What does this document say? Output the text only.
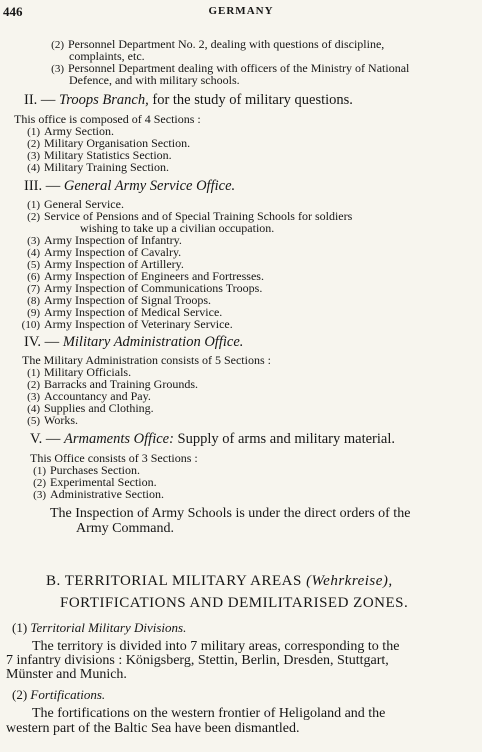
446	GERMANY
(2) Personnel Department No. 2, dealing with questions of discipline,
complaints, etc.
(3) Personnel Department dealing with officers of the Ministry of National
Defence, and with military schools.
II. — Troops Branch, for the study of military questions.
This office is composed of 4 Sections :
(1) Army Section.
(2) Military Organisation Section.
(3) Military Statistics Section.
(4) Military Training Section.
III. — General Army Service Office.
(1) General Service.
(2) Service of Pensions and of Special Training Schools for soldiers
wishing to take up a civilian occupation.
(3) Army Inspection of Infantry.
(4) Army Inspection of Cavalry.
(5) Army Inspection of Artillery.
(6) Army Inspection of Engineers and Fortresses.
(7) Army Inspection of Communications Troops.
(8) Army Inspection of Signal Troops.
(9) Army Inspection of Medical Service.
(10) Army Inspection of Veterinary Service.
IV. — Military Administration Office.
The Military Administration consists of 5 Sections :
(1) Military Officials.
(2) Barracks and Training Grounds.
(3) Accountancy and Pay.
(4) Supplies and Clothing.
(5) Works.
V. — Armaments Office: Supply of arms and military material.
This Office consists of 3 Sections :
(1) Purchases Section.
(2) Experimental Section.
(3) Administrative Section.
The Inspection of Army Schools is under the direct orders of the
Army Command.
B. TERRITORIAL MILITARY AREAS (Wehrkreise),
FORTIFICATIONS AND DEMILITARISED ZONES.
(1) Territorial Military Divisions.
The territory is divided into 7 military areas, corresponding to the
7 infantry divisions : Königsberg, Stettin, Berlin, Dresden, Stuttgart,
Münster and Munich.
(2) Fortifications.
The fortifications on the western frontier of Heligoland and the
western part of the Baltic Sea have been dismantled.
